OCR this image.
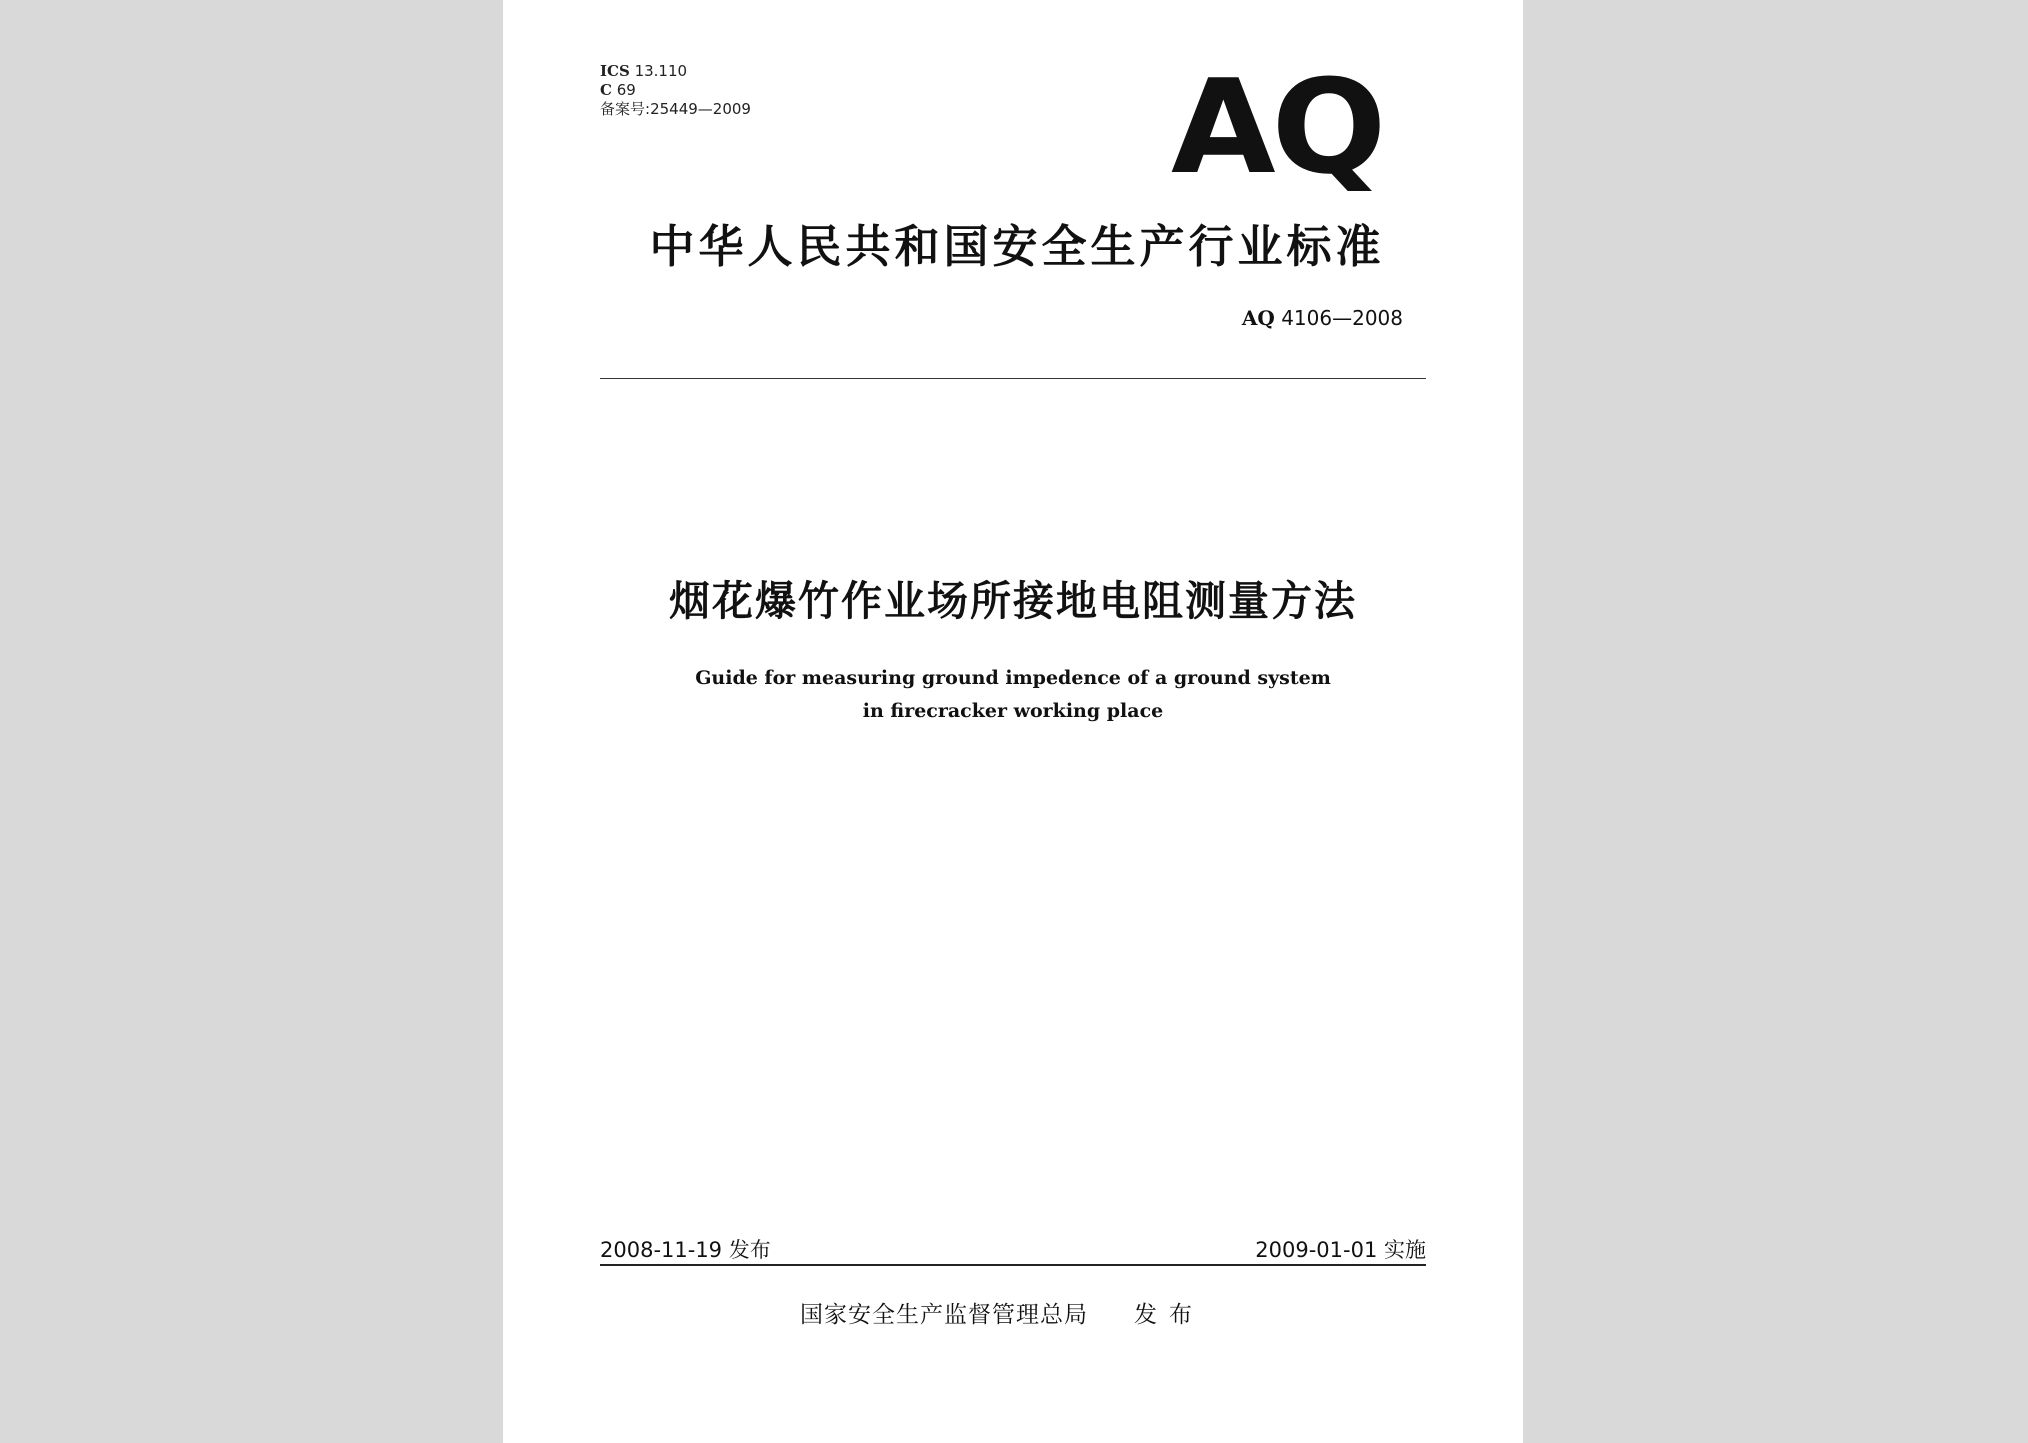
ICS 13.110
C 69
备案号:25449—2009	AQ
中华人民共和国安全生产行业标准
AQ 4106—2008
烟花爆竹作业场所接地电阻测量方法
Guide for measuring ground impedence of a ground system
in firecracker working place
2008-11-19 发布	2009-01-01 实施
国家安全生产监督管理总局 发布
